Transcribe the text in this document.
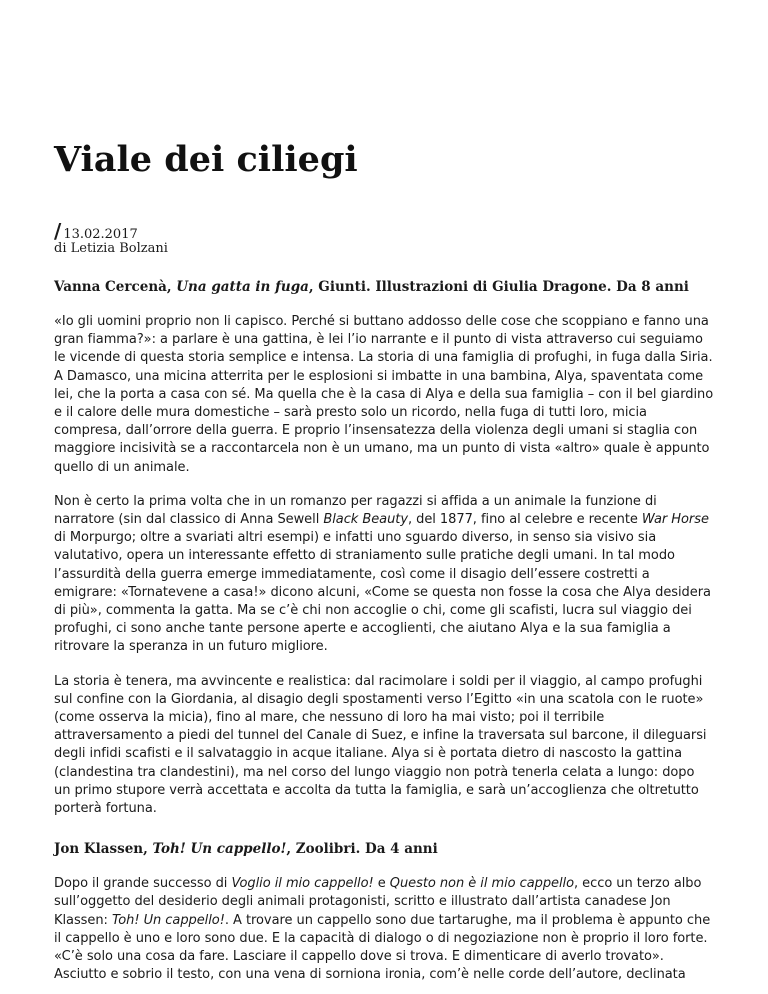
Viale dei ciliegi
/ 13.02.2017
di Letizia Bolzani

Vanna Cercenà, Una gatta in fuga, Giunti. Illustrazioni di Giulia Dragone. Da 8 anni

«Io gli uomini proprio non li capisco. Perché si buttano addosso delle cose che scoppiano e fanno una gran fiamma?»: a parlare è una gattina, è lei l’io narrante e il punto di vista attraverso cui seguiamo le vicende di questa storia semplice e intensa. La storia di una famiglia di profughi, in fuga dalla Siria. A Damasco, una micina atterrita per le esplosioni si imbatte in una bambina, Alya, spaventata come lei, che la porta a casa con sé. Ma quella che è la casa di Alya e della sua famiglia – con il bel giardino e il calore delle mura domestiche – sarà presto solo un ricordo, nella fuga di tutti loro, micia compresa, dall’orrore della guerra. E proprio l’insensatezza della violenza degli umani si staglia con maggiore incisività se a raccontarcela non è un umano, ma un punto di vista «altro» quale è appunto quello di un animale.

Non è certo la prima volta che in un romanzo per ragazzi si affida a un animale la funzione di narratore (sin dal classico di Anna Sewell Black Beauty, del 1877, fino al celebre e recente War Horse di Morpurgo; oltre a svariati altri esempi) e infatti uno sguardo diverso, in senso sia visivo sia valutativo, opera un interessante effetto di straniamento sulle pratiche degli umani. In tal modo l’assurdità della guerra emerge immediatamente, così come il disagio dell’essere costretti a emigrare: «Tornatevene a casa!» dicono alcuni, «Come se questa non fosse la cosa che Alya desidera di più», commenta la gatta. Ma se c’è chi non accoglie o chi, come gli scafisti, lucra sul viaggio dei profughi, ci sono anche tante persone aperte e accoglienti, che aiutano Alya e la sua famiglia a ritrovare la speranza in un futuro migliore.

La storia è tenera, ma avvincente e realistica: dal racimolare i soldi per il viaggio, al campo profughi sul confine con la Giordania, al disagio degli spostamenti verso l’Egitto «in una scatola con le ruote» (come osserva la micia), fino al mare, che nessuno di loro ha mai visto; poi il terribile attraversamento a piedi del tunnel del Canale di Suez, e infine la traversata sul barcone, il dileguarsi degli infidi scafisti e il salvataggio in acque italiane. Alya si è portata dietro di nascosto la gattina (clandestina tra clandestini), ma nel corso del lungo viaggio non potrà tenerla celata a lungo: dopo un primo stupore verrà accettata e accolta da tutta la famiglia, e sarà un’accoglienza che oltretutto porterà fortuna.

Jon Klassen, Toh! Un cappello!, Zoolibri. Da 4 anni

Dopo il grande successo di Voglio il mio cappello! e Questo non è il mio cappello, ecco un terzo albo sull’oggetto del desiderio degli animali protagonisti, scritto e illustrato dall’artista canadese Jon Klassen: Toh! Un cappello!. A trovare un cappello sono due tartarughe, ma il problema è appunto che il cappello è uno e loro sono due. E la capacità di dialogo o di negoziazione non è proprio il loro forte. «C’è solo una cosa da fare. Lasciare il cappello dove si trova. E dimenticare di averlo trovato». Asciutto e sobrio il testo, con una vena di sorniona ironia, com’è nelle corde dell’autore, declinata
